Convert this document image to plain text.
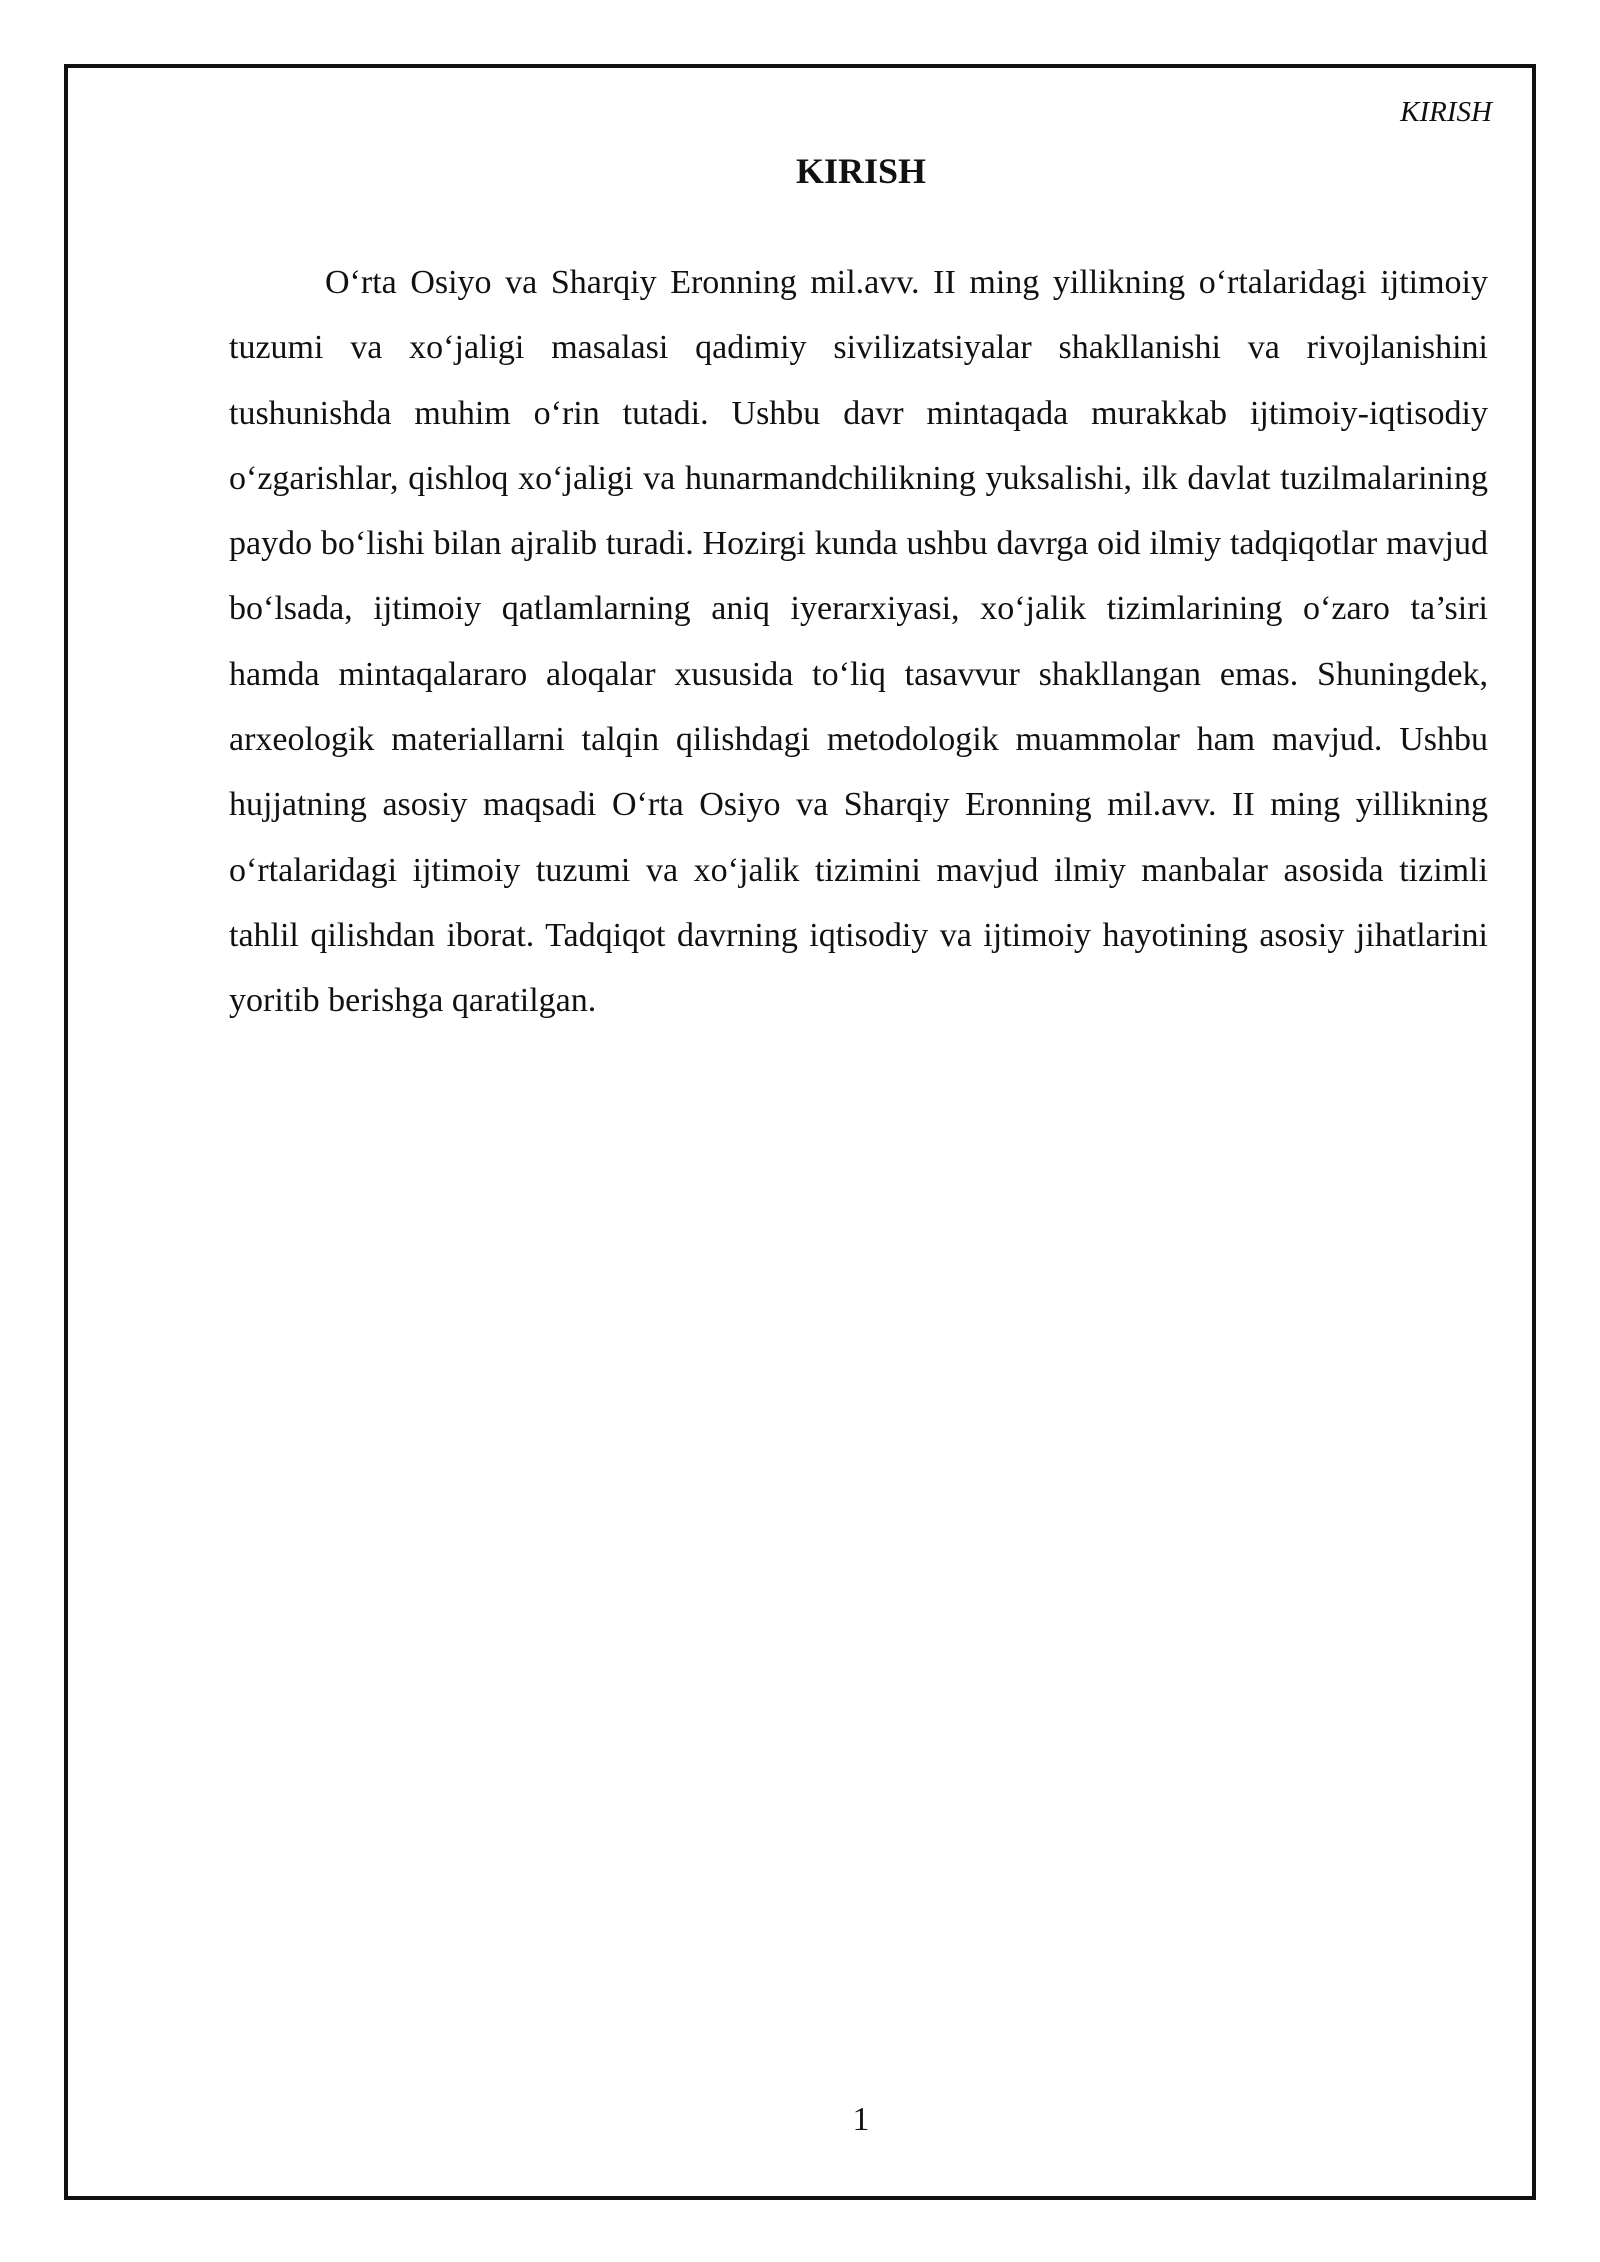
KIRISH
KIRISH

O‘rta Osiyo va Sharqiy Eronning mil.avv. II ming yillikning o‘rtalaridagi ijtimoiy tuzumi va xo‘jaligi masalasi qadimiy sivilizatsiyalar shakllanishi va rivojlanishini tushunishda muhim o‘rin tutadi. Ushbu davr mintaqada murakkab ijtimoiy-iqtisodiy o‘zgarishlar, qishloq xo‘jaligi va hunarmandchilikning yuksalishi, ilk davlat tuzilmalarining paydo bo‘lishi bilan ajralib turadi. Hozirgi kunda ushbu davrga oid ilmiy tadqiqotlar mavjud bo‘lsada, ijtimoiy qatlamlarning aniq iyerarxiyasi, xo‘jalik tizimlarining o‘zaro ta’siri hamda mintaqalararo aloqalar xususida to‘liq tasavvur shakllangan emas. Shuningdek, arxeologik materiallarni talqin qilishdagi metodologik muammolar ham mavjud. Ushbu hujjatning asosiy maqsadi O‘rta Osiyo va Sharqiy Eronning mil.avv. II ming yillikning o‘rtalaridagi ijtimoiy tuzumi va xo‘jalik tizimini mavjud ilmiy manbalar asosida tizimli tahlil qilishdan iborat. Tadqiqot davrning iqtisodiy va ijtimoiy hayotining asosiy jihatlarini yoritib berishga qaratilgan.

1
